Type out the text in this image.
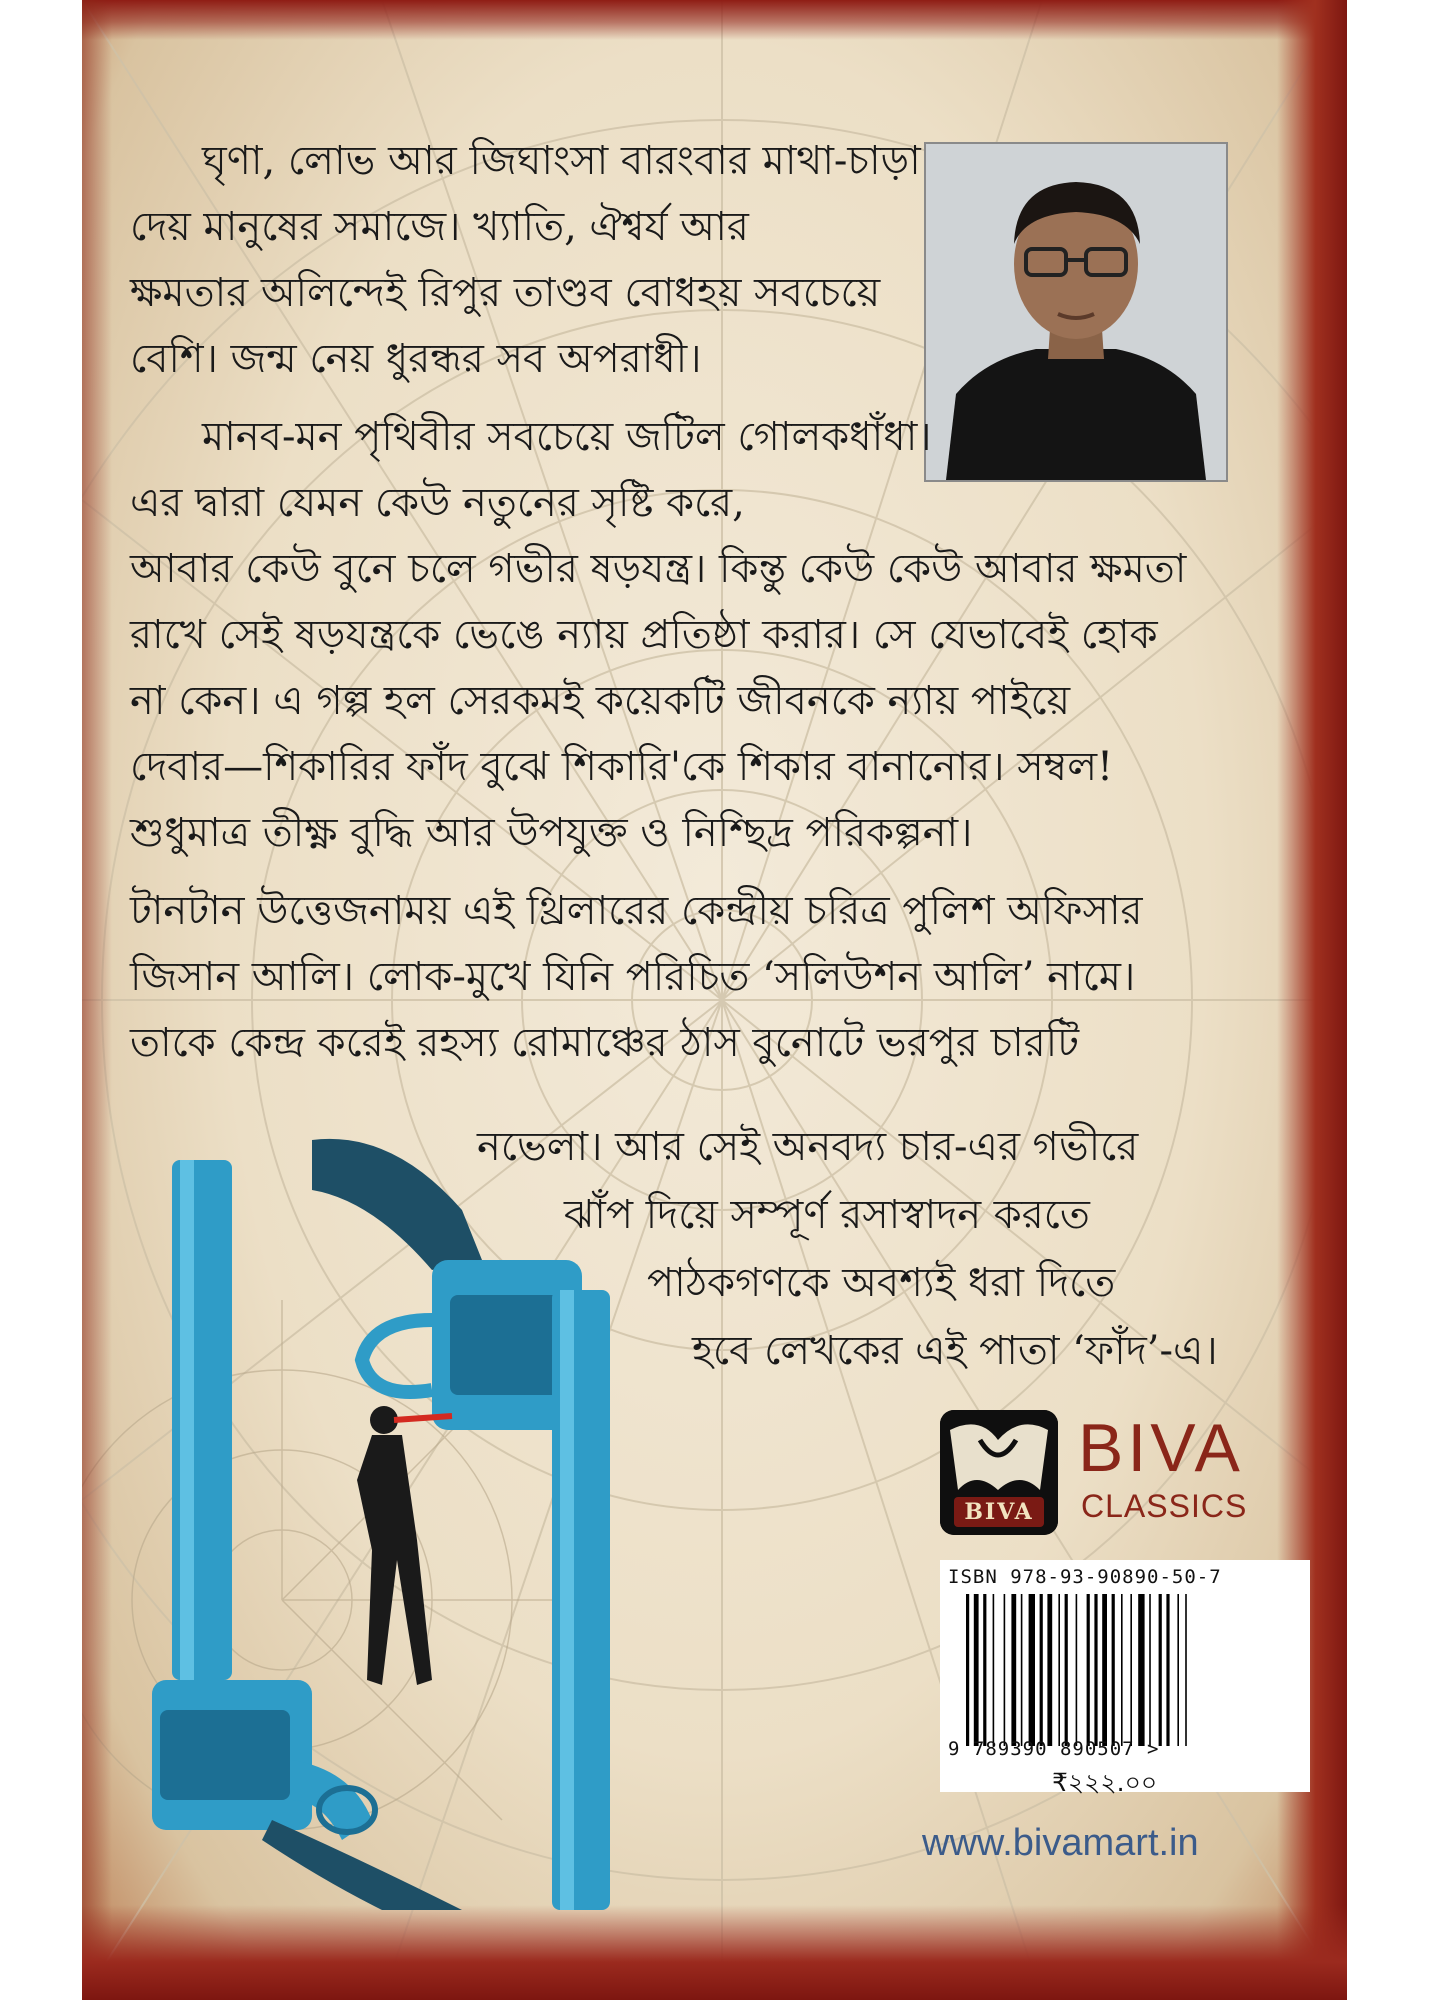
ঘৃণা, লোভ আর জিঘাংসা বারংবার মাথা-চাড়া
দেয় মানুষের সমাজে। খ্যাতি, ঐশ্বর্য আর
ক্ষমতার অলিন্দেই রিপুর তাণ্ডব বোধহয় সবচেয়ে
বেশি। জন্ম নেয় ধুরন্ধর সব অপরাধী।
মানব-মন পৃথিবীর সবচেয়ে জটিল গোলকধাঁধা।
এর দ্বারা যেমন কেউ নতুনের সৃষ্টি করে,
আবার কেউ বুনে চলে গভীর ষড়যন্ত্র। কিন্তু কেউ কেউ আবার ক্ষমতা
রাখে সেই ষড়যন্ত্রকে ভেঙে ন্যায় প্রতিষ্ঠা করার। সে যেভাবেই হোক
না কেন। এ গল্প হল সেরকমই কয়েকটি জীবনকে ন্যায় পাইয়ে
দেবার—শিকারির ফাঁদ বুঝে শিকারি'কে শিকার বানানোর। সম্বল!
শুধুমাত্র তীক্ষ্ণ বুদ্ধি আর উপযুক্ত ও নিশ্ছিদ্র পরিকল্পনা।
টানটান উত্তেজনাময় এই থ্রিলারের কেন্দ্রীয় চরিত্র পুলিশ অফিসার
জিসান আলি। লোক-মুখে যিনি পরিচিত ‘সলিউশন আলি’ নামে।
তাকে কেন্দ্র করেই রহস্য রোমাঞ্চের ঠাস বুনোটে ভরপুর চারটি
নভেলা। আর সেই অনবদ্য চার-এর গভীরে
ঝাঁপ দিয়ে সম্পূর্ণ রসাস্বাদন করতে
পাঠকগণকে অবশ্যই ধরা দিতে
হবে লেখকের এই পাতা ‘ফাঁদ’-এ।
BIVA
BIVA
CLASSICS
ISBN 978-93-90890-50-7
9 789390 890507 >
₹২২২.০০
www.bivamart.in
